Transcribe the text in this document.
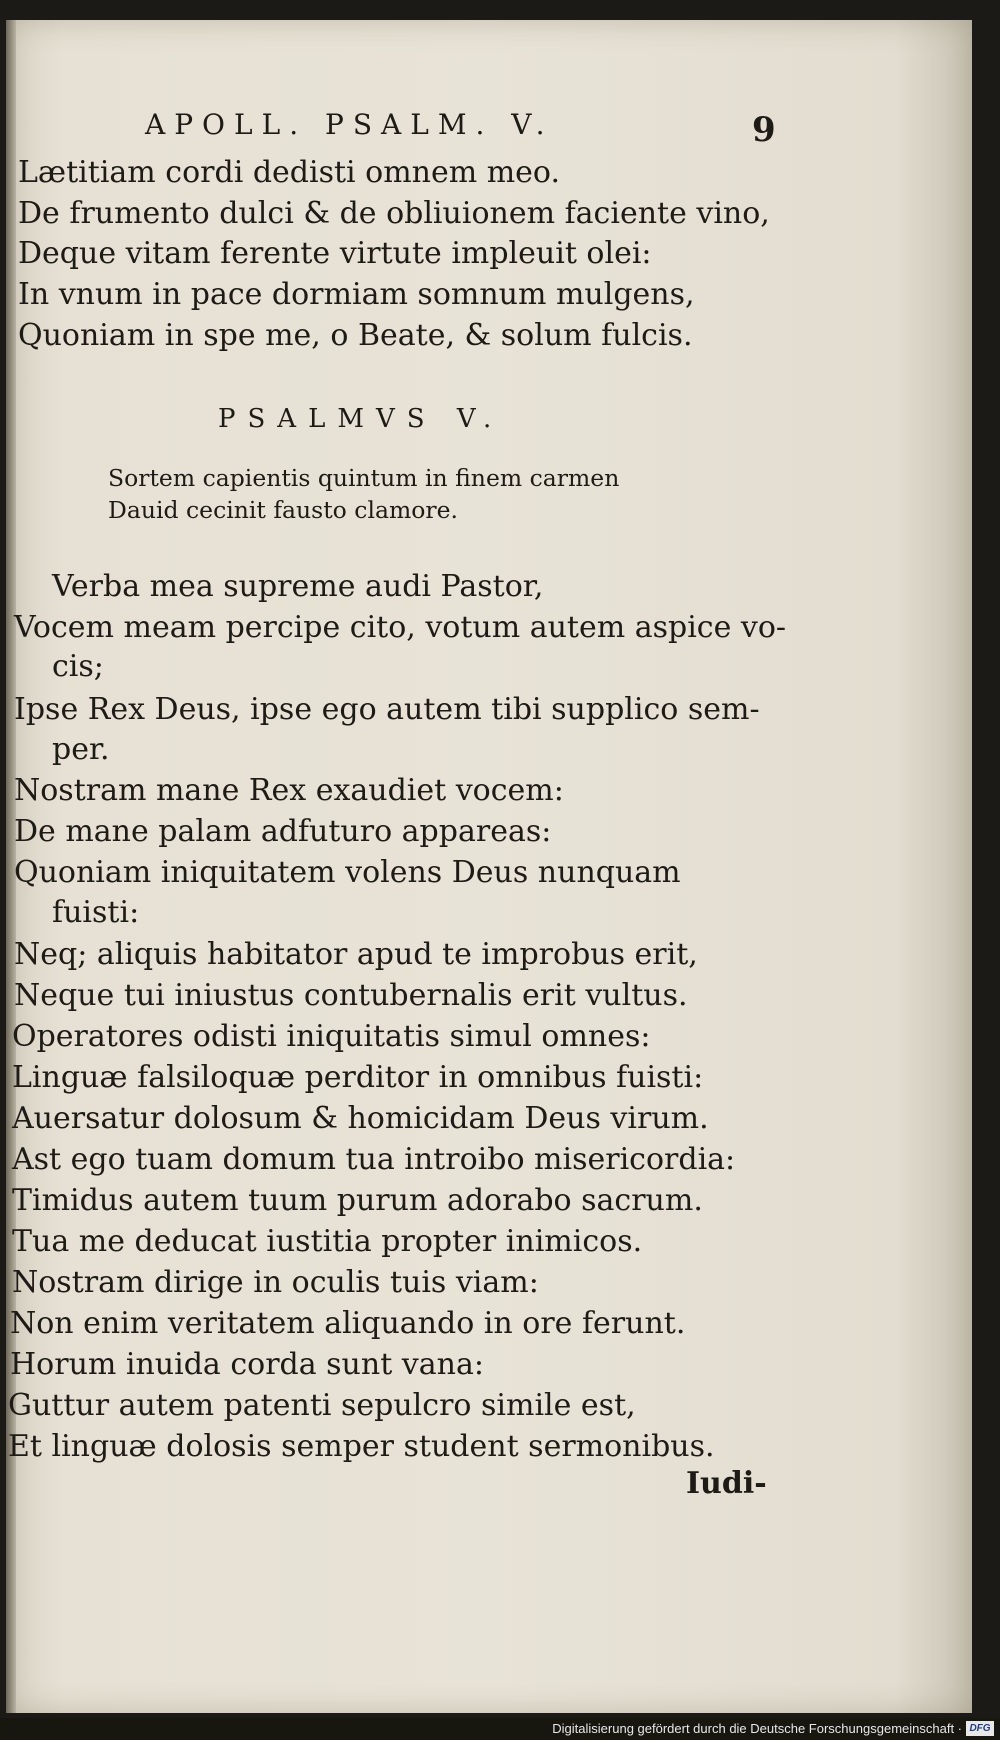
APOLL. PSALM. V.	9
Lætitiam cordi dedisti omnem meo.
De frumento dulci & de obliuionem faciente vino,
Deque vitam ferente virtute impleuit olei:
In vnum in pace dormiam somnum mulgens,
Quoniam in spe me, o Beate, & solum fulcis.
PSALMVS V.
Sortem capientis quintum in finem carmen
Dauid cecinit fausto clamore.
Verba mea supreme audi Pastor,
Vocem meam percipe cito, votum autem aspice vo-
cis;
Ipse Rex Deus, ipse ego autem tibi supplico sem-
per.
Nostram mane Rex exaudiet vocem:
De mane palam adfuturo appareas:
Quoniam iniquitatem volens Deus nunquam
fuisti:
Neq; aliquis habitator apud te improbus erit,
Neque tui iniustus contubernalis erit vultus.
Operatores odisti iniquitatis simul omnes:
Linguæ falsiloquæ perditor in omnibus fuisti:
Auersatur dolosum & homicidam Deus virum.
Ast ego tuam domum tua introibo misericordia:
Timidus autem tuum purum adorabo sacrum.
Tua me deducat iustitia propter inimicos.
Nostram dirige in oculis tuis viam:
Non enim veritatem aliquando in ore ferunt.
Horum inuida corda sunt vana:
Guttur autem patenti sepulcro simile est,
Et linguæ dolosis semper student sermonibus.
Iudi-
Digitalisierung gefördert durch die Deutsche Forschungsgemeinschaft · DFG
